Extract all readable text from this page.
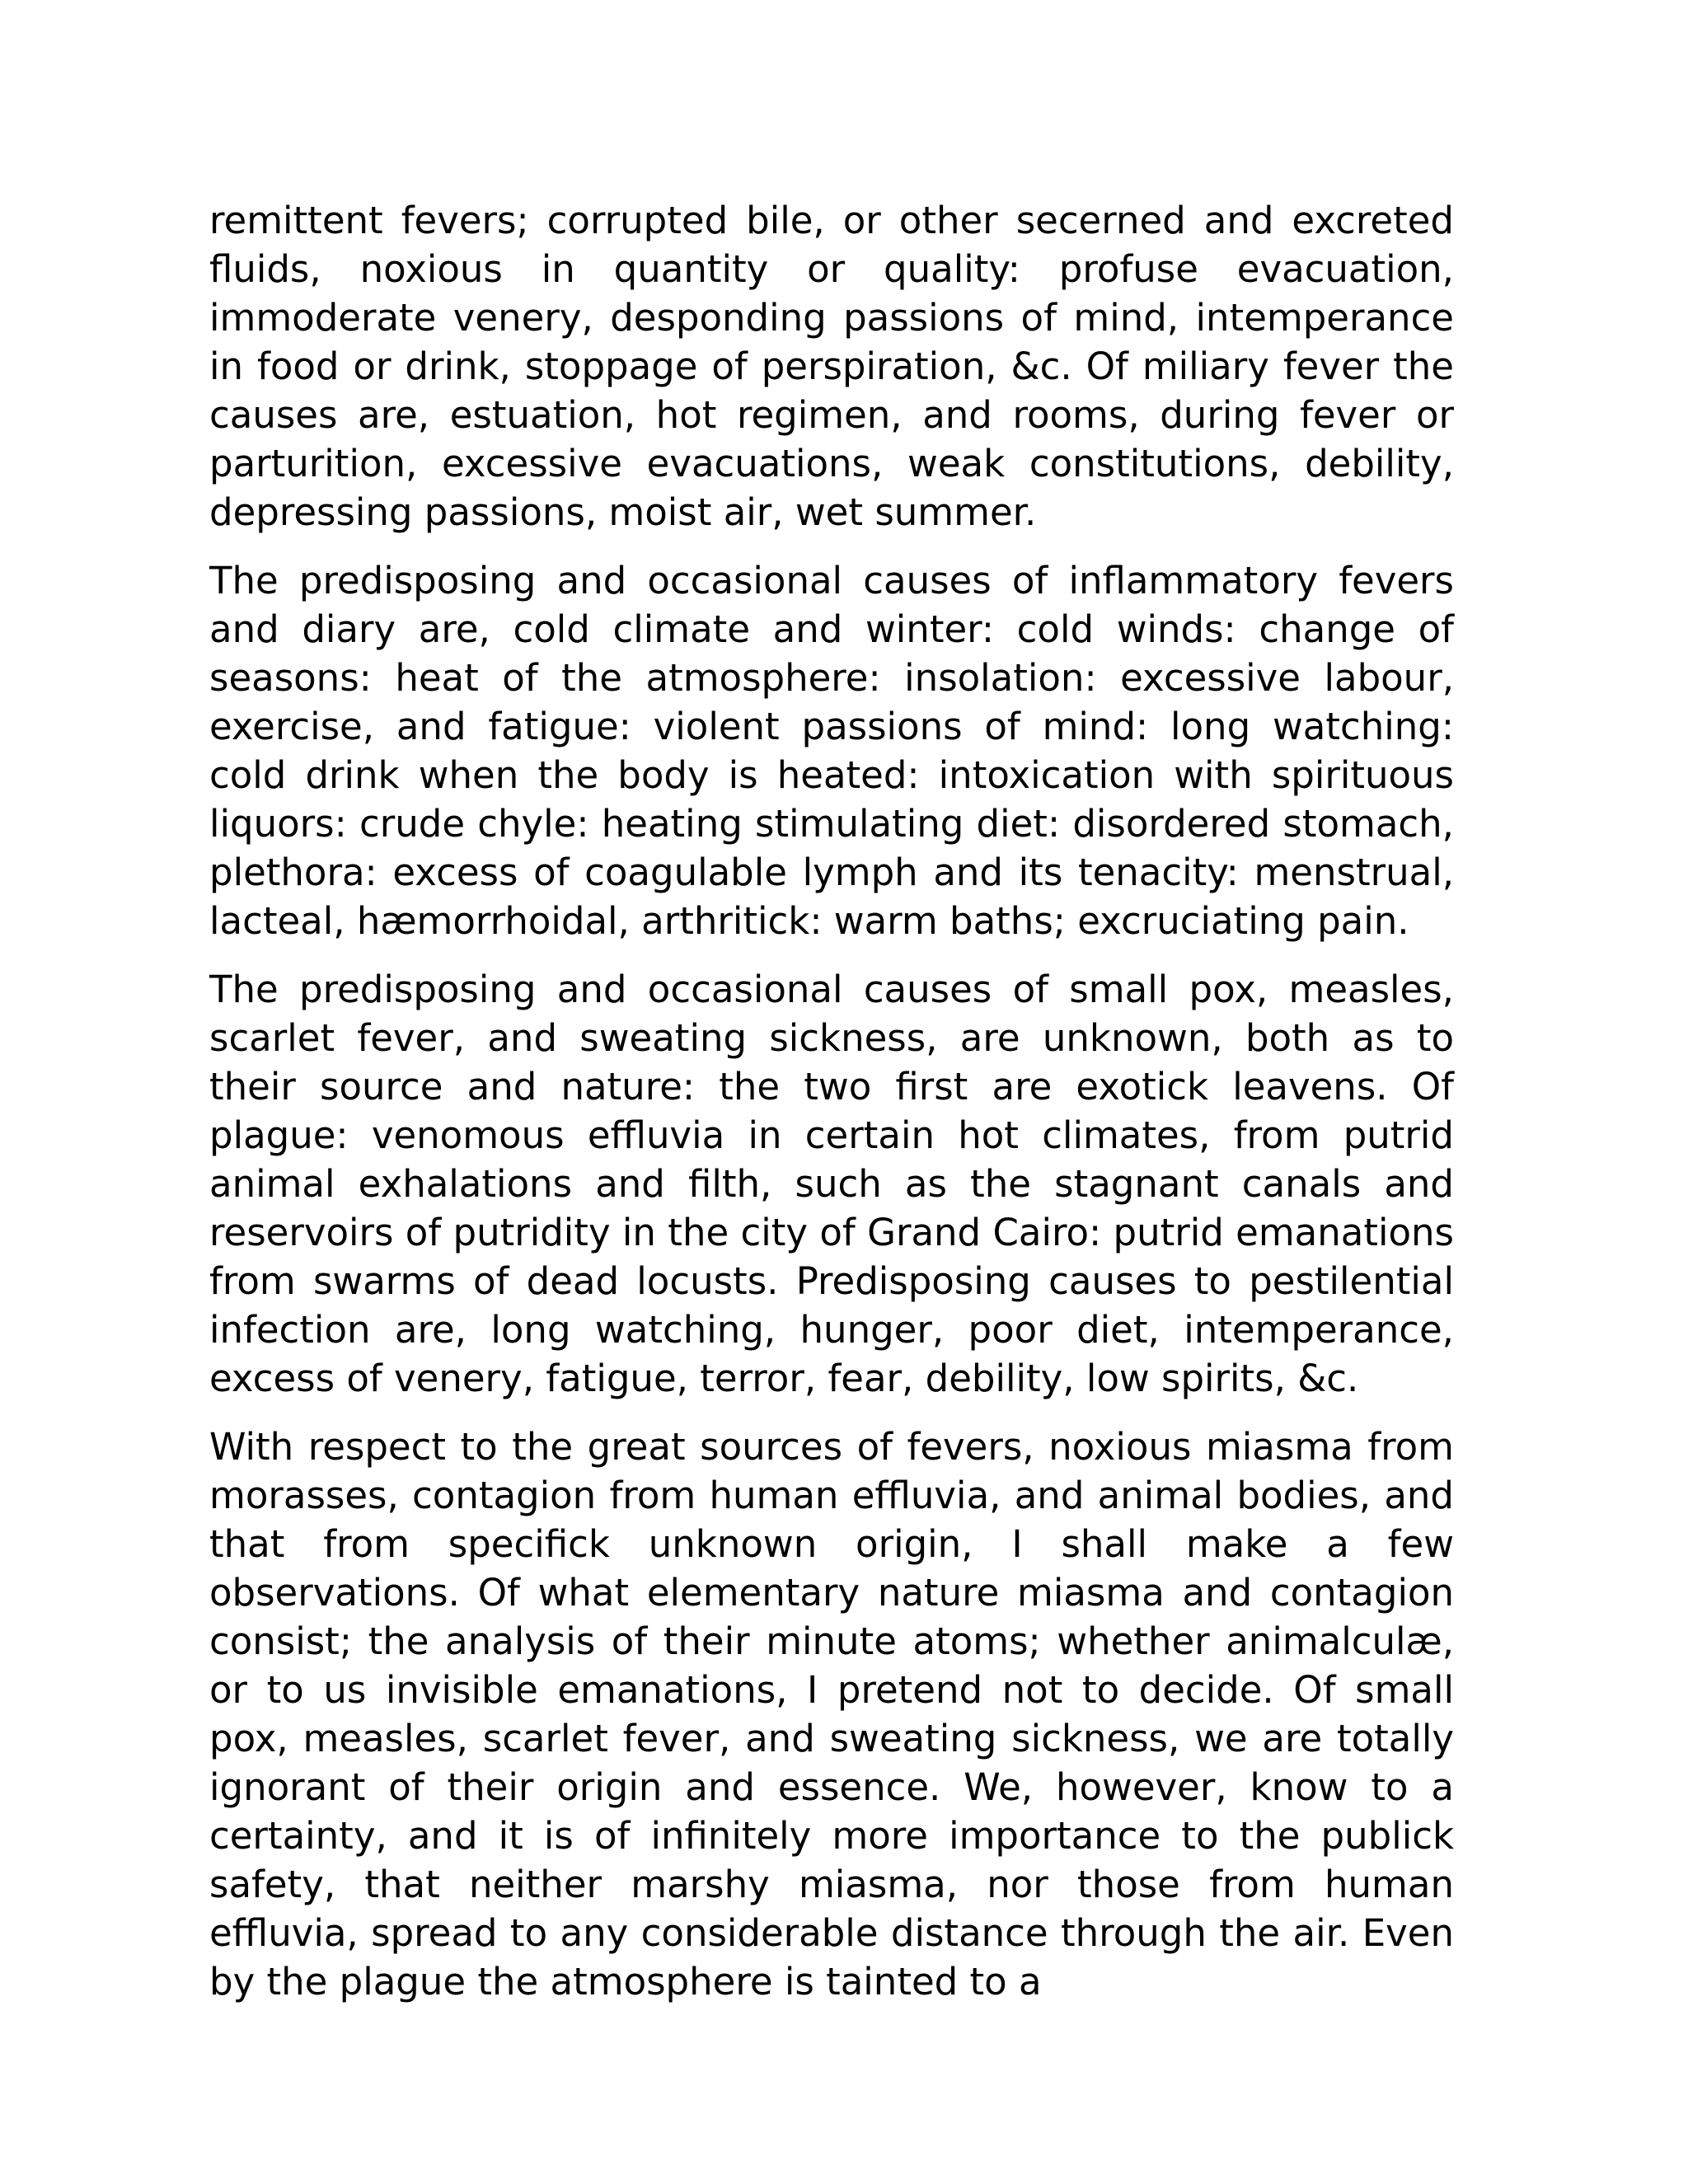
remittent fevers; corrupted bile, or other secerned and excreted fluids, noxious in quantity or quality: profuse evacuation, immoderate venery, desponding passions of mind, intemperance in food or drink, stoppage of perspiration, &c. Of miliary fever the causes are, estuation, hot regimen, and rooms, during fever or parturition, excessive evacuations, weak constitutions, debility, depressing passions, moist air, wet summer.

The predisposing and occasional causes of inflammatory fevers and diary are, cold climate and winter: cold winds: change of seasons: heat of the atmosphere: insolation: excessive labour, exercise, and fatigue: violent passions of mind: long watching: cold drink when the body is heated: intoxication with spirituous liquors: crude chyle: heating stimulating diet: disordered stomach, plethora: excess of coagulable lymph and its tenacity: menstrual, lacteal, hæmorrhoidal, arthritick: warm baths; excruciating pain.

The predisposing and occasional causes of small pox, measles, scarlet fever, and sweating sickness, are unknown, both as to their source and nature: the two first are exotick leavens. Of plague: venomous effluvia in certain hot climates, from putrid animal exhalations and filth, such as the stagnant canals and reservoirs of putridity in the city of Grand Cairo: putrid emanations from swarms of dead locusts. Predisposing causes to pestilential infection are, long watching, hunger, poor diet, intemperance, excess of venery, fatigue, terror, fear, debility, low spirits, &c.

With respect to the great sources of fevers, noxious miasma from morasses, contagion from human effluvia, and animal bodies, and that from specifick unknown origin, I shall make a few observations. Of what elementary nature miasma and contagion consist; the analysis of their minute atoms; whether animalculæ, or to us invisible emanations, I pretend not to decide. Of small pox, measles, scarlet fever, and sweating sickness, we are totally ignorant of their origin and essence. We, however, know to a certainty, and it is of infinitely more importance to the publick safety, that neither marshy miasma, nor those from human effluvia, spread to any considerable distance through the air. Even by the plague the atmosphere is tainted to a
